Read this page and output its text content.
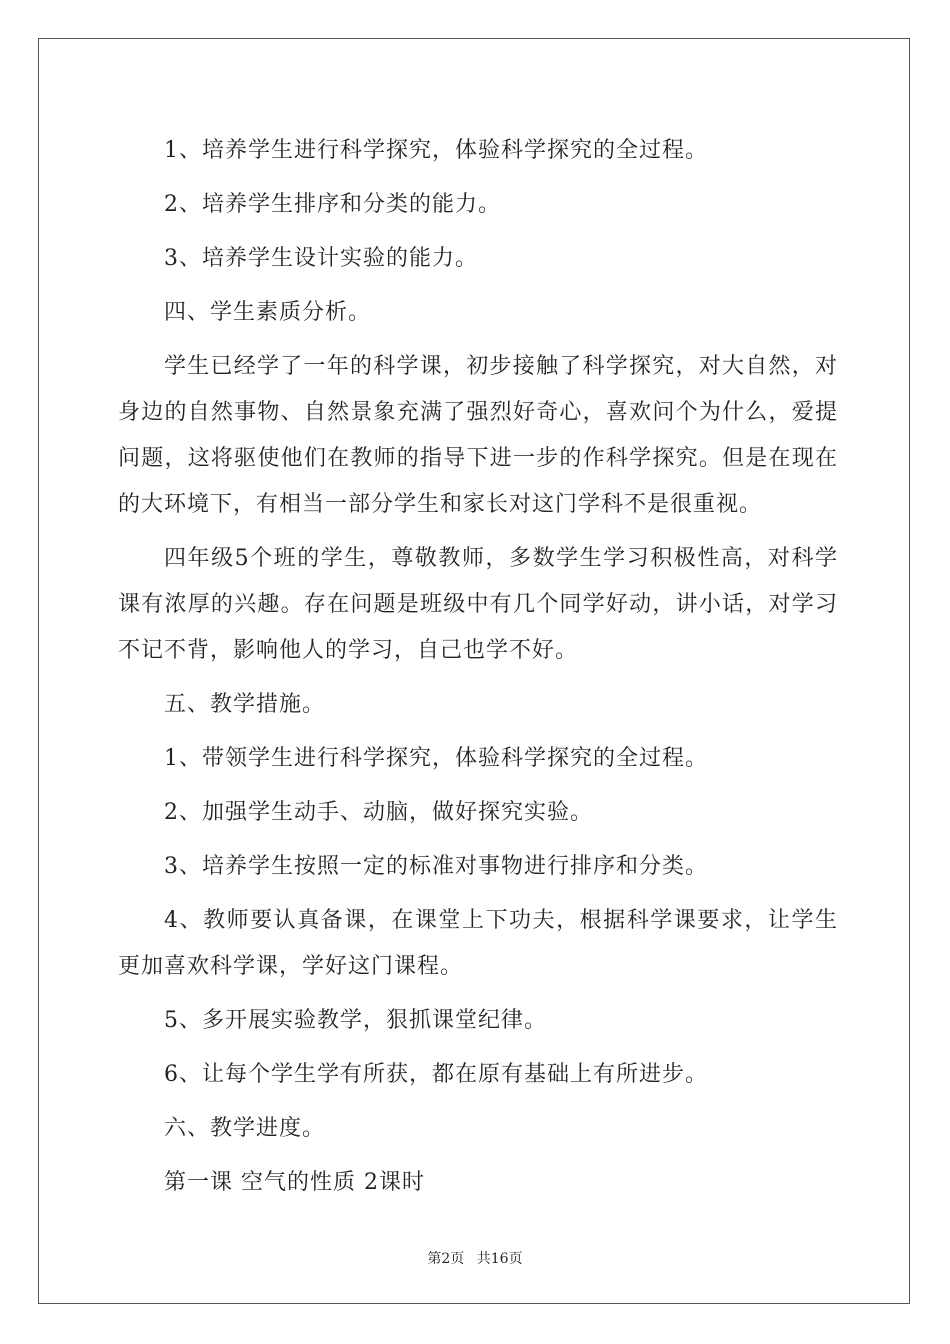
1、培养学生进行科学探究，体验科学探究的全过程。

2、培养学生排序和分类的能力。

3、培养学生设计实验的能力。

四、学生素质分析。

学生已经学了一年的科学课，初步接触了科学探究，对大自然，对身边的自然事物、自然景象充满了强烈好奇心，喜欢问个为什么，爱提问题，这将驱使他们在教师的指导下进一步的作科学探究。但是在现在的大环境下，有相当一部分学生和家长对这门学科不是很重视。

四年级5个班的学生，尊敬教师，多数学生学习积极性高，对科学课有浓厚的兴趣。存在问题是班级中有几个同学好动，讲小话，对学习不记不背，影响他人的学习，自己也学不好。

五、教学措施。

1、带领学生进行科学探究，体验科学探究的全过程。

2、加强学生动手、动脑，做好探究实验。

3、培养学生按照一定的标准对事物进行排序和分类。

4、教师要认真备课，在课堂上下功夫，根据科学课要求，让学生更加喜欢科学课，学好这门课程。

5、多开展实验教学，狠抓课堂纪律。

6、让每个学生学有所获，都在原有基础上有所进步。

六、教学进度。

第一课 空气的性质 2课时

第2页 共16页
